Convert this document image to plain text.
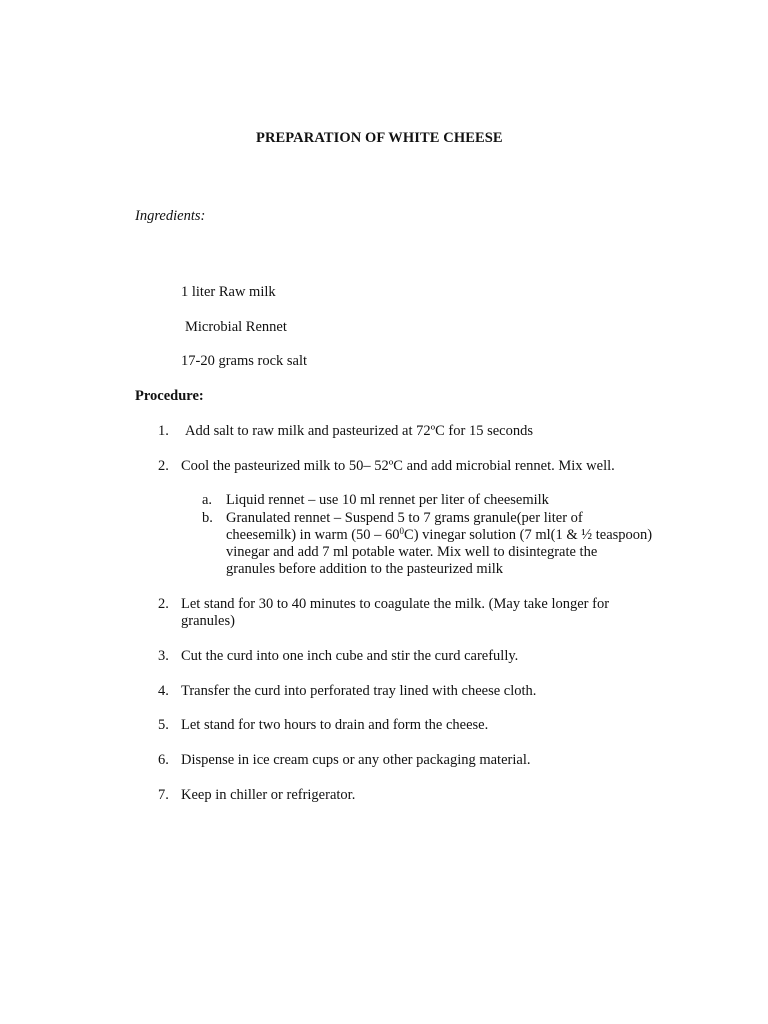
PREPARATION OF WHITE CHEESE
Ingredients:
1 liter Raw milk
Microbial Rennet
17-20 grams rock salt
Procedure:
1. Add salt to raw milk and pasteurized at 72ºC for 15 seconds
2. Cool the pasteurized milk to 50– 52ºC and add microbial rennet. Mix well.
a. Liquid rennet – use 10 ml rennet per liter of cheesemilk
b. Granulated rennet – Suspend 5 to 7 grams granule(per liter of
cheesemilk) in warm $(50 - 60^0C)$ vinegar solution (7 ml(1 & ½ teaspoon)
vinegar and add 7 ml potable water. Mix well to disintegrate the
granules before addition to the pasteurized milk
2. Let stand for 30 to 40 minutes to coagulate the milk. (May take longer for
granules)
3. Cut the curd into one inch cube and stir the curd carefully.
4. Transfer the curd into perforated tray lined with cheese cloth.
5. Let stand for two hours to drain and form the cheese.
6. Dispense in ice cream cups or any other packaging material.
7. Keep in chiller or refrigerator.
